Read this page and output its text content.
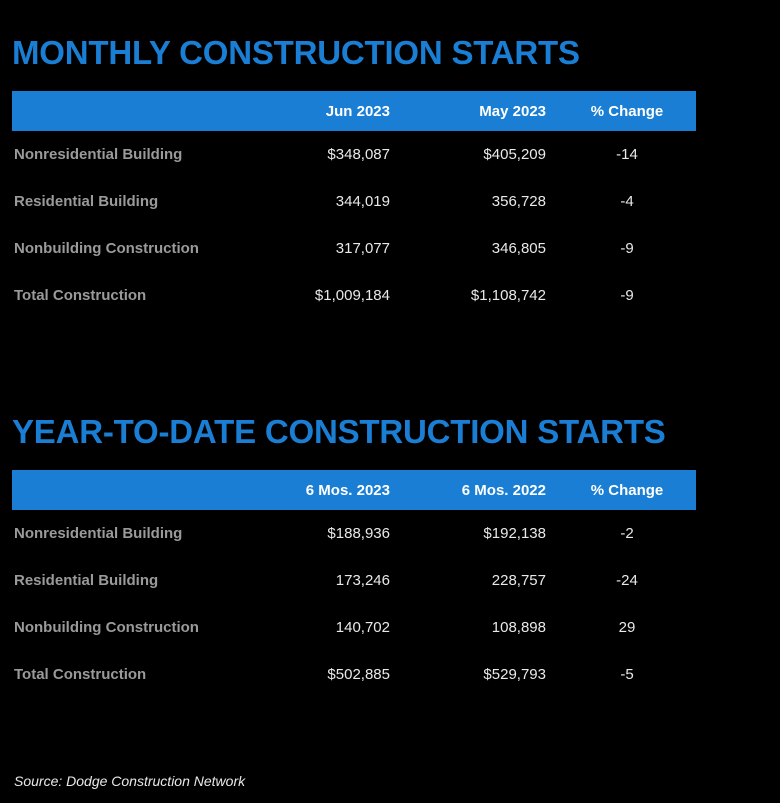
MONTHLY CONSTRUCTION STARTS
	Jun 2023	May 2023	% Change
Nonresidential Building	$348,087	$405,209	-14
Residential Building	344,019	356,728	-4
Nonbuilding Construction	317,077	346,805	-9
Total Construction	$1,009,184	$1,108,742	-9
YEAR-TO-DATE CONSTRUCTION STARTS
	6 Mos. 2023	6 Mos. 2022	% Change
Nonresidential Building	$188,936	$192,138	-2
Residential Building	173,246	228,757	-24
Nonbuilding Construction	140,702	108,898	29
Total Construction	$502,885	$529,793	-5
Source: Dodge Construction Network
